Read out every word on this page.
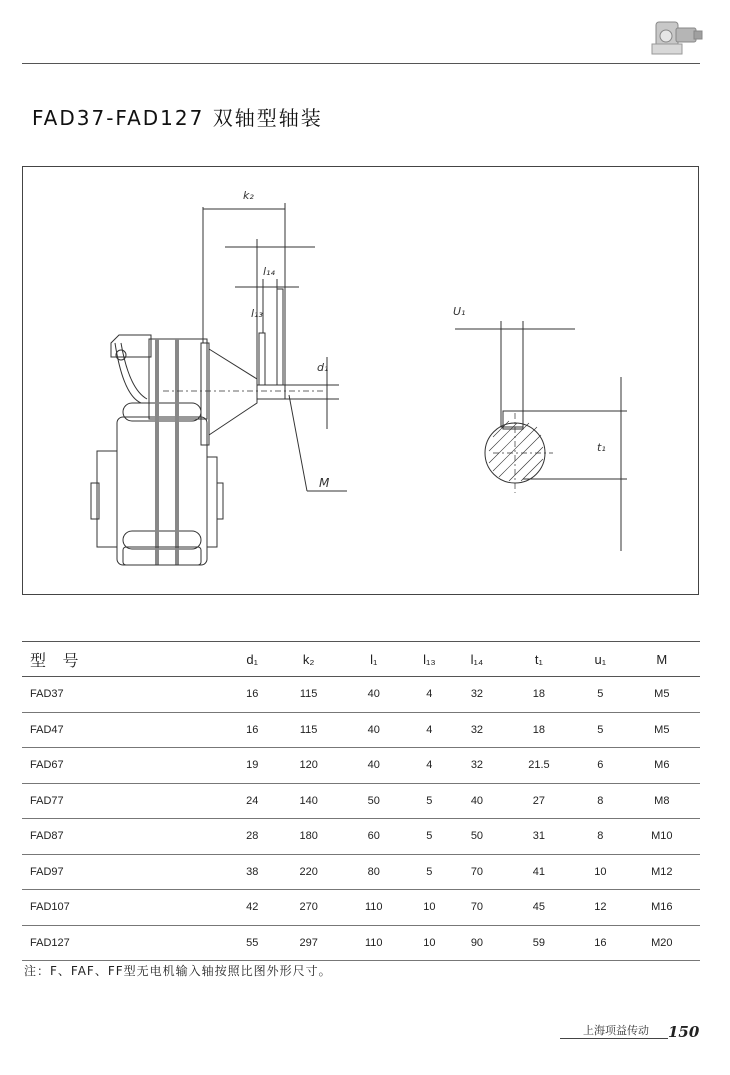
FAD37-FAD127 双轴型轴装
k₂
l₁₄
l₁₃
d₁
M
U₁
t₁
型 号	d₁	k₂	l₁	l₁₃	l₁₄	t₁	u₁	M
FAD37	16	115	40	4	32	18	5	M5
FAD47	16	115	40	4	32	18	5	M5
FAD67	19	120	40	4	32	21.5	6	M6
FAD77	24	140	50	5	40	27	8	M8
FAD87	28	180	60	5	50	31	8	M10
FAD97	38	220	80	5	70	41	10	M12
FAD107	42	270	110	10	70	45	12	M16
FAD127	55	297	110	10	90	59	16	M20
注：F、FAF、FF型无电机输入轴按照比图外形尺寸。
上海项益传动 150
